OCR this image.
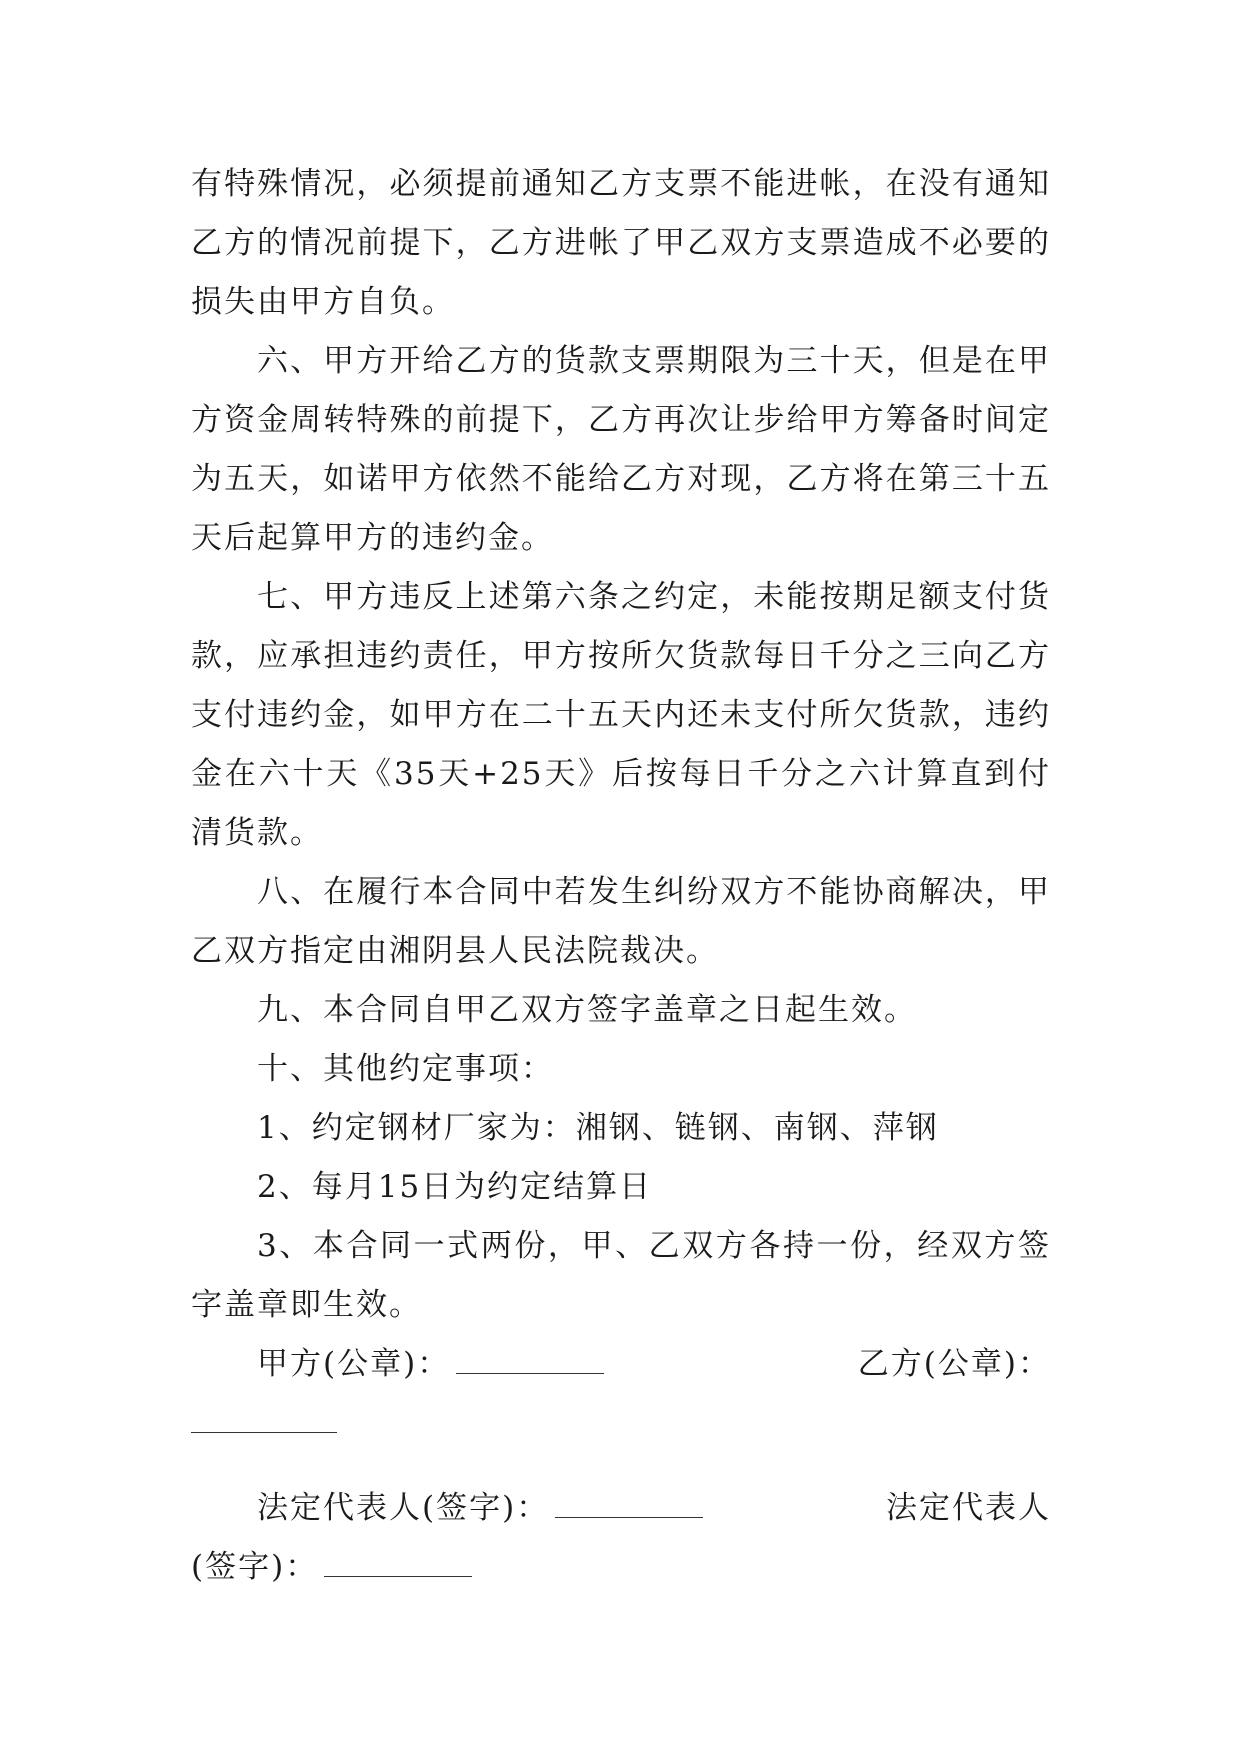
有特殊情况，必须提前通知乙方支票不能进帐，在没有通知乙方的情况前提下，乙方进帐了甲乙双方支票造成不必要的损失由甲方自负。

六、甲方开给乙方的货款支票期限为三十天，但是在甲方资金周转特殊的前提下，乙方再次让步给甲方筹备时间定为五天，如诺甲方依然不能给乙方对现，乙方将在第三十五天后起算甲方的违约金。

七、甲方违反上述第六条之约定，未能按期足额支付货款，应承担违约责任，甲方按所欠货款每日千分之三向乙方支付违约金，如甲方在二十五天内还未支付所欠货款，违约金在六十天《35天+25天》后按每日千分之六计算直到付清货款。

八、在履行本合同中若发生纠纷双方不能协商解决，甲乙双方指定由湘阴县人民法院裁决。

九、本合同自甲乙双方签字盖章之日起生效。

十、其他约定事项：

1、约定钢材厂家为：湘钢、链钢、南钢、萍钢

2、每月15日为约定结算日

3、本合同一式两份，甲、乙双方各持一份，经双方签字盖章即生效。

甲方(公章)：	乙方(公章)：
法定代表人(签字)：	法定代表人
(签字)：
